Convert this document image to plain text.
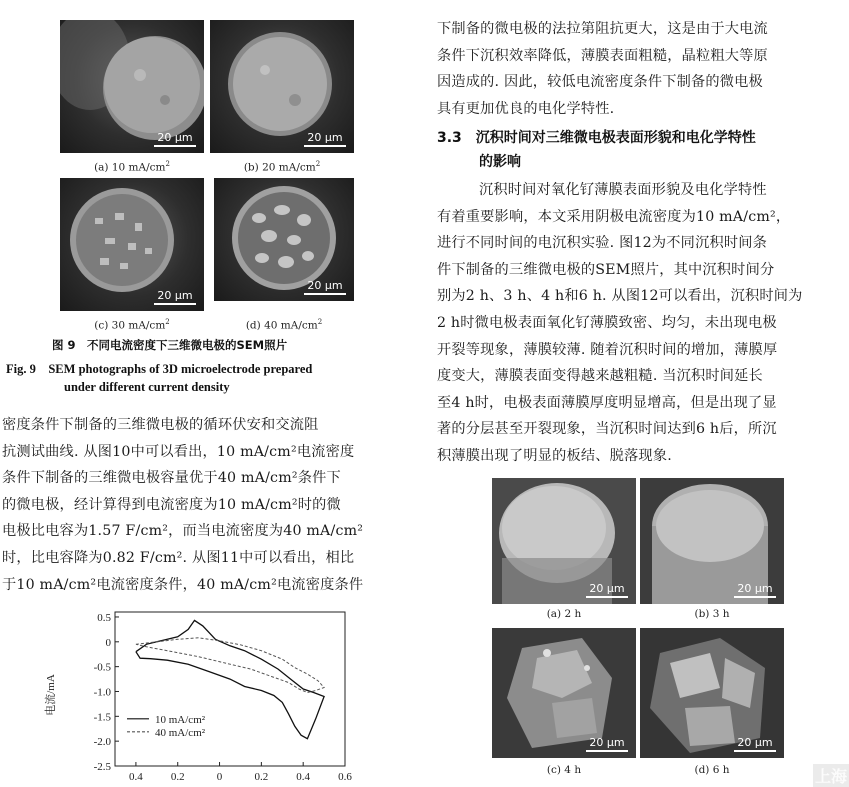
20 μm	20 μm
(a) 10 $mA/cm^2$	(b) 20 $mA/cm^2$
20 μm
20 μm
(c) 30 $mA/cm^2$	(d) 40 $mA/cm^2$
图 9　不同电流密度下三维微电极的SEM照片
Fig. 9　SEM photographs of 3D microelectrode prepared
under different current density
密度条件下制备的三维微电极的循环伏安和交流阻
抗测试曲线. 从图10中可以看出，10 mA/cm²电流密度
条件下制备的三维微电极容量优于40 mA/cm²条件下
的微电极，经计算得到电流密度为10 mA/cm²时的微
电极比电容为1.57 F/cm²，而当电流密度为40 mA/cm²
时，比电容降为0.82 F/cm². 从图11中可以看出，相比
于10 mA/cm²电流密度条件，40 mA/cm²电流密度条件
0.5
0
-0.5
-1.0
-1.5
-2.0
-2.5
0.4	0.2	0	0.2	0.4	0.6
10 mA/cm²
40 mA/cm²
电流/mA
下制备的微电极的法拉第阻抗更大，这是由于大电流
条件下沉积效率降低，薄膜表面粗糙，晶粒粗大等原
因造成的. 因此，较低电流密度条件下制备的微电极
具有更加优良的电化学特性.
3.3　沉积时间对三维微电极表面形貌和电化学特性
的影响
沉积时间对氧化钌薄膜表面形貌及电化学特性
有着重要影响，本文采用阴极电流密度为10 mA/cm²，
进行不同时间的电沉积实验. 图12为不同沉积时间条
件下制备的三维微电极的SEM照片，其中沉积时间分
别为2 h、3 h、4 h和6 h. 从图12可以看出，沉积时间为
2 h时微电极表面氧化钌薄膜致密、均匀，未出现电极
开裂等现象，薄膜较薄. 随着沉积时间的增加，薄膜厚
度变大，薄膜表面变得越来越粗糙. 当沉积时间延长
至4 h时，电极表面薄膜厚度明显增高，但是出现了显
著的分层甚至开裂现象，当沉积时间达到6 h后，所沉
积薄膜出现了明显的板结、脱落现象.
20 μm	20 μm
(a) 2 h	(b) 3 h
20 μm	20 μm
(c) 4 h	(d) 6 h	上海
